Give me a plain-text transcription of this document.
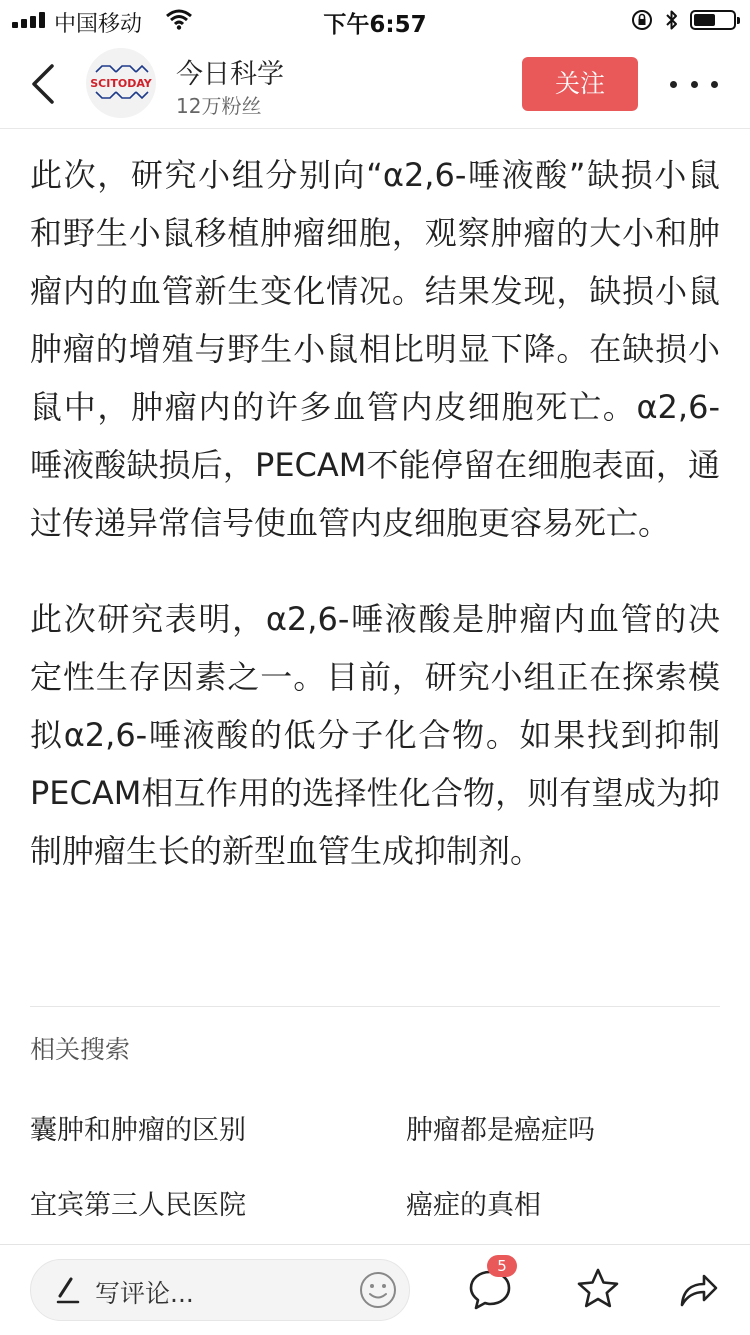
中国移动	下午6:57
SCITODAY 今日科学
12万粉丝
关注

此次，研究小组分别向“α2,6-唾液酸”缺损小鼠和野生小鼠移植肿瘤细胞，观察肿瘤的大小和肿瘤内的血管新生变化情况。结果发现，缺损小鼠肿瘤的增殖与野生小鼠相比明显下降。在缺损小鼠中，肿瘤内的许多血管内皮细胞死亡。α2,6-唾液酸缺损后，PECAM不能停留在细胞表面，通过传递异常信号使血管内皮细胞更容易死亡。

此次研究表明，α2,6-唾液酸是肿瘤内血管的决定性生存因素之一。目前，研究小组正在探索模拟α2,6-唾液酸的低分子化合物。如果找到抑制PECAM相互作用的选择性化合物，则有望成为抑制肿瘤生长的新型血管生成抑制剂。

相关搜索
囊肿和肿瘤的区别	肿瘤都是癌症吗
宜宾第三人民医院	癌症的真相
写评论...
5
